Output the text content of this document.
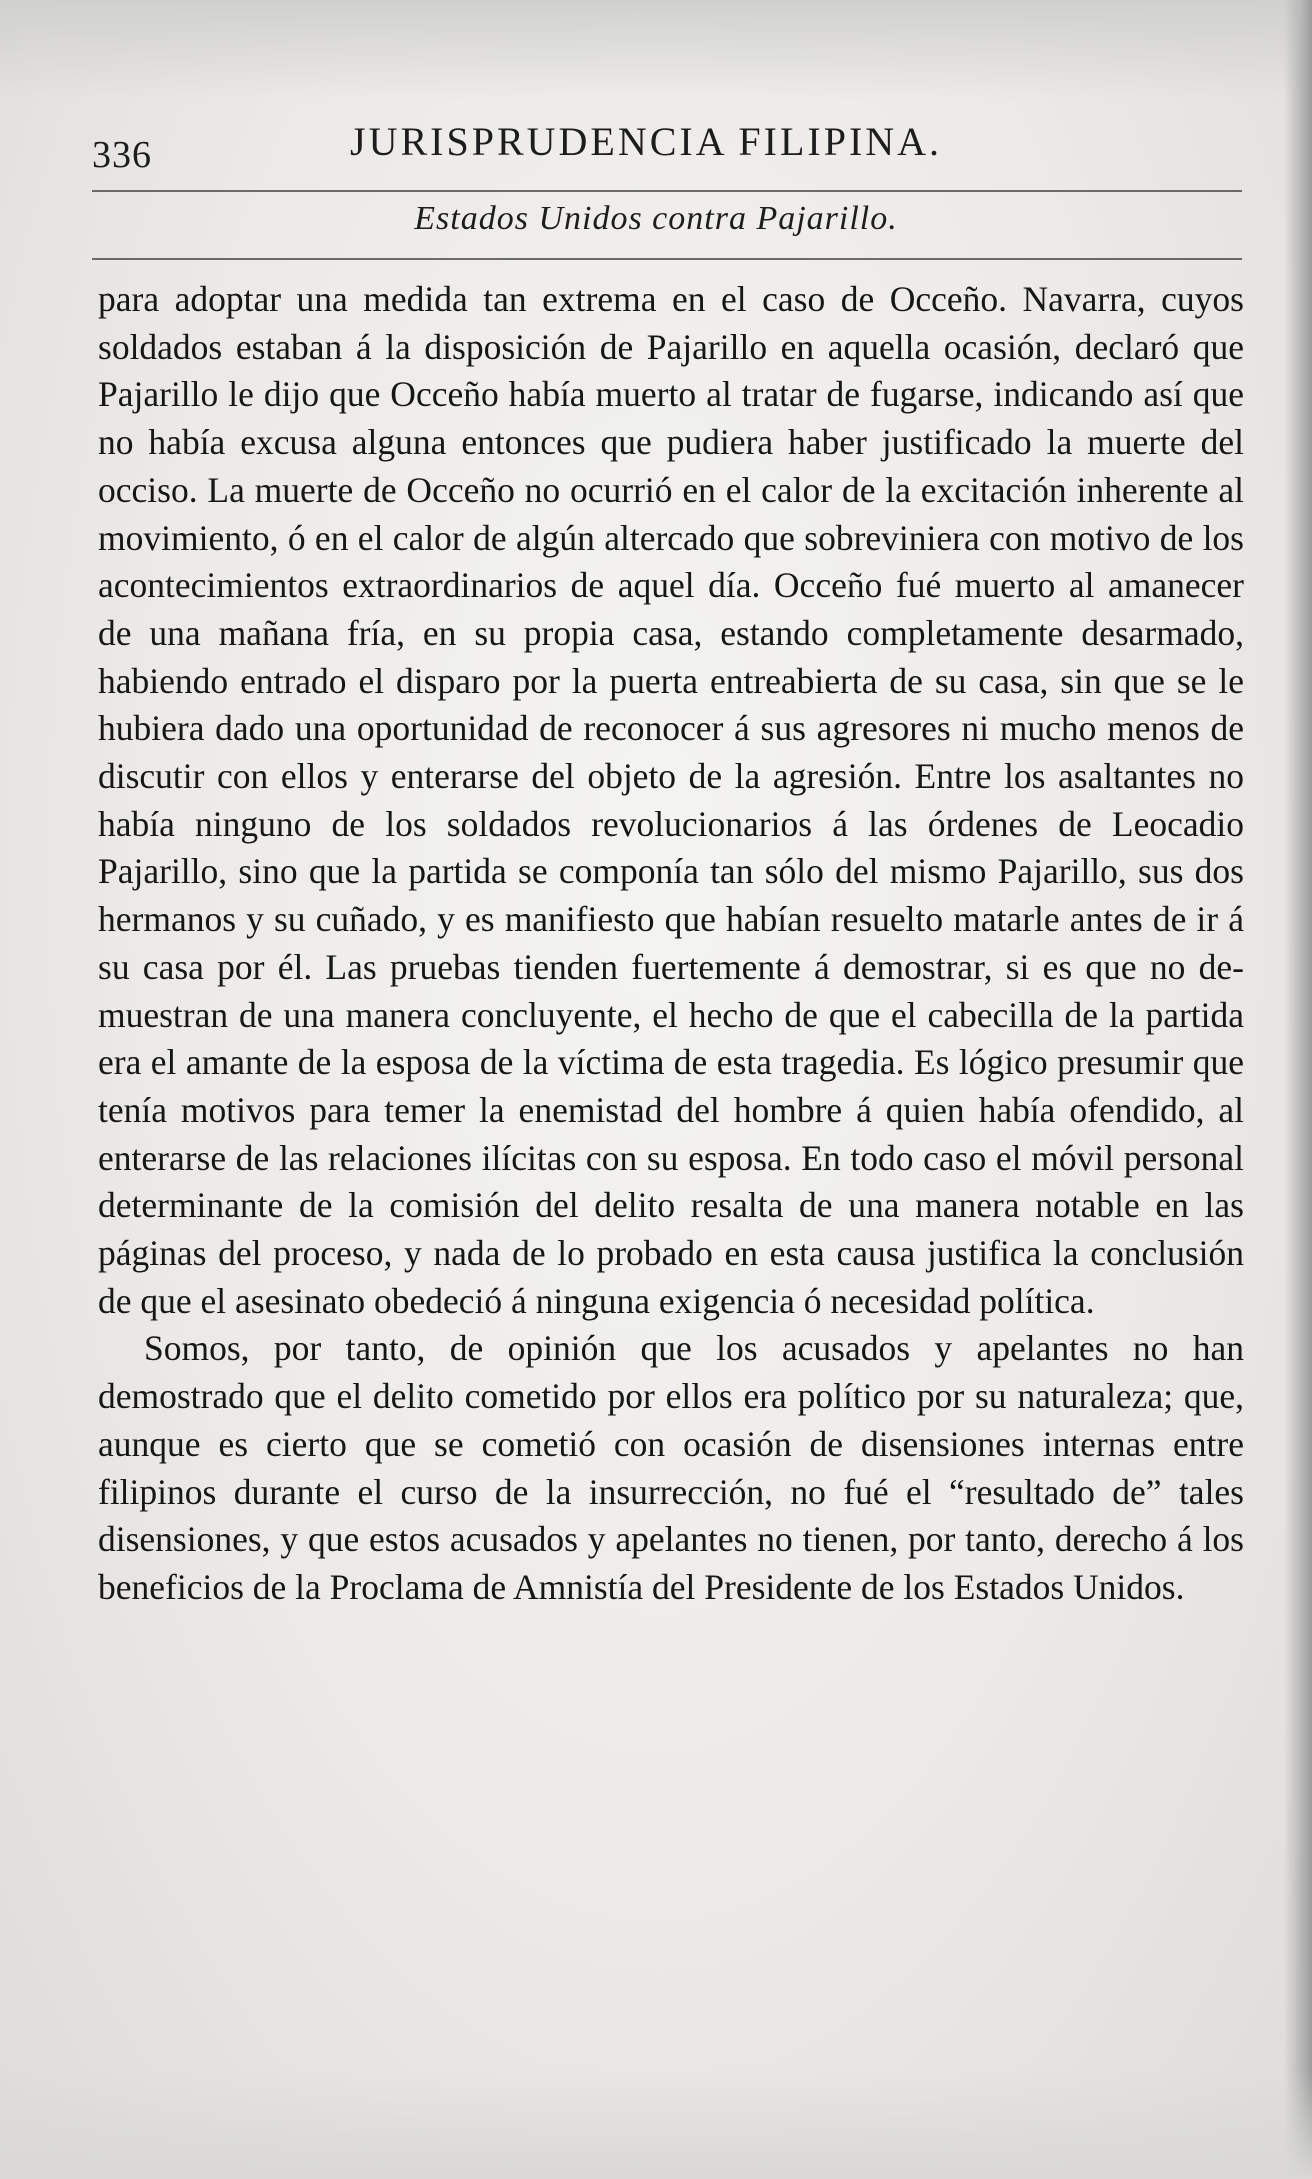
336	JURISPRUDENCIA FILIPINA.
Estados Unidos contra Pajarillo.

para adoptar una medida tan extrema en el caso de Occeño. Navarra, cuyos soldados estaban á la disposición de Pajarillo en aquella ocasión, declaró que Pajarillo le dijo que Occeño había muerto al tratar de fugarse, indicando así que no había excusa alguna entonces que pudiera haber justificado la muerte del occiso. La muerte de Occeño no ocurrió en el calor de la excitación inherente al movimiento, ó en el calor de algún altercado que sobreviniera con motivo de los acontecimientos extraordinarios de aquel día. Occeño fué muerto al amanecer de una mañana fría, en su propia casa, estando completamente desarmado, habiendo entrado el disparo por la puerta entreabierta de su casa, sin que se le hubiera dado una oportunidad de reconocer á sus agresores ni mucho menos de discutir con ellos y enterarse del objeto de la agresión. Entre los asaltantes no había ninguno de los soldados revolucionarios á las órdenes de Leocadio Pajarillo, sino que la partida se componía tan sólo del mismo Pajarillo, sus dos hermanos y su cuñado, y es manifiesto que habían resuelto matarle antes de ir á su casa por él. Las pruebas tienden fuertemente á demostrar, si es que no demuestran de una manera concluyente, el hecho de que el cabecilla de la partida era el amante de la esposa de la víctima de esta tragedia. Es lógico presumir que tenía motivos para temer la enemistad del hombre á quien había ofendido, al enterarse de las relaciones ilícitas con su esposa. En todo caso el móvil personal determinante de la comisión del delito resalta de una manera notable en las páginas del proceso, y nada de lo probado en esta causa justifica la conclusión de que el asesinato obedeció á ninguna exigencia ó necesidad política.

Somos, por tanto, de opinión que los acusados y apelantes no han demostrado que el delito cometido por ellos era político por su naturaleza; que, aunque es cierto que se cometió con ocasión de disensiones internas entre filipinos durante el curso de la insurrección, no fué el “resultado de” tales disensiones, y que estos acusados y apelantes no tienen, por tanto, derecho á los beneficios de la Proclama de Amnistía del Presidente de los Estados Unidos.
